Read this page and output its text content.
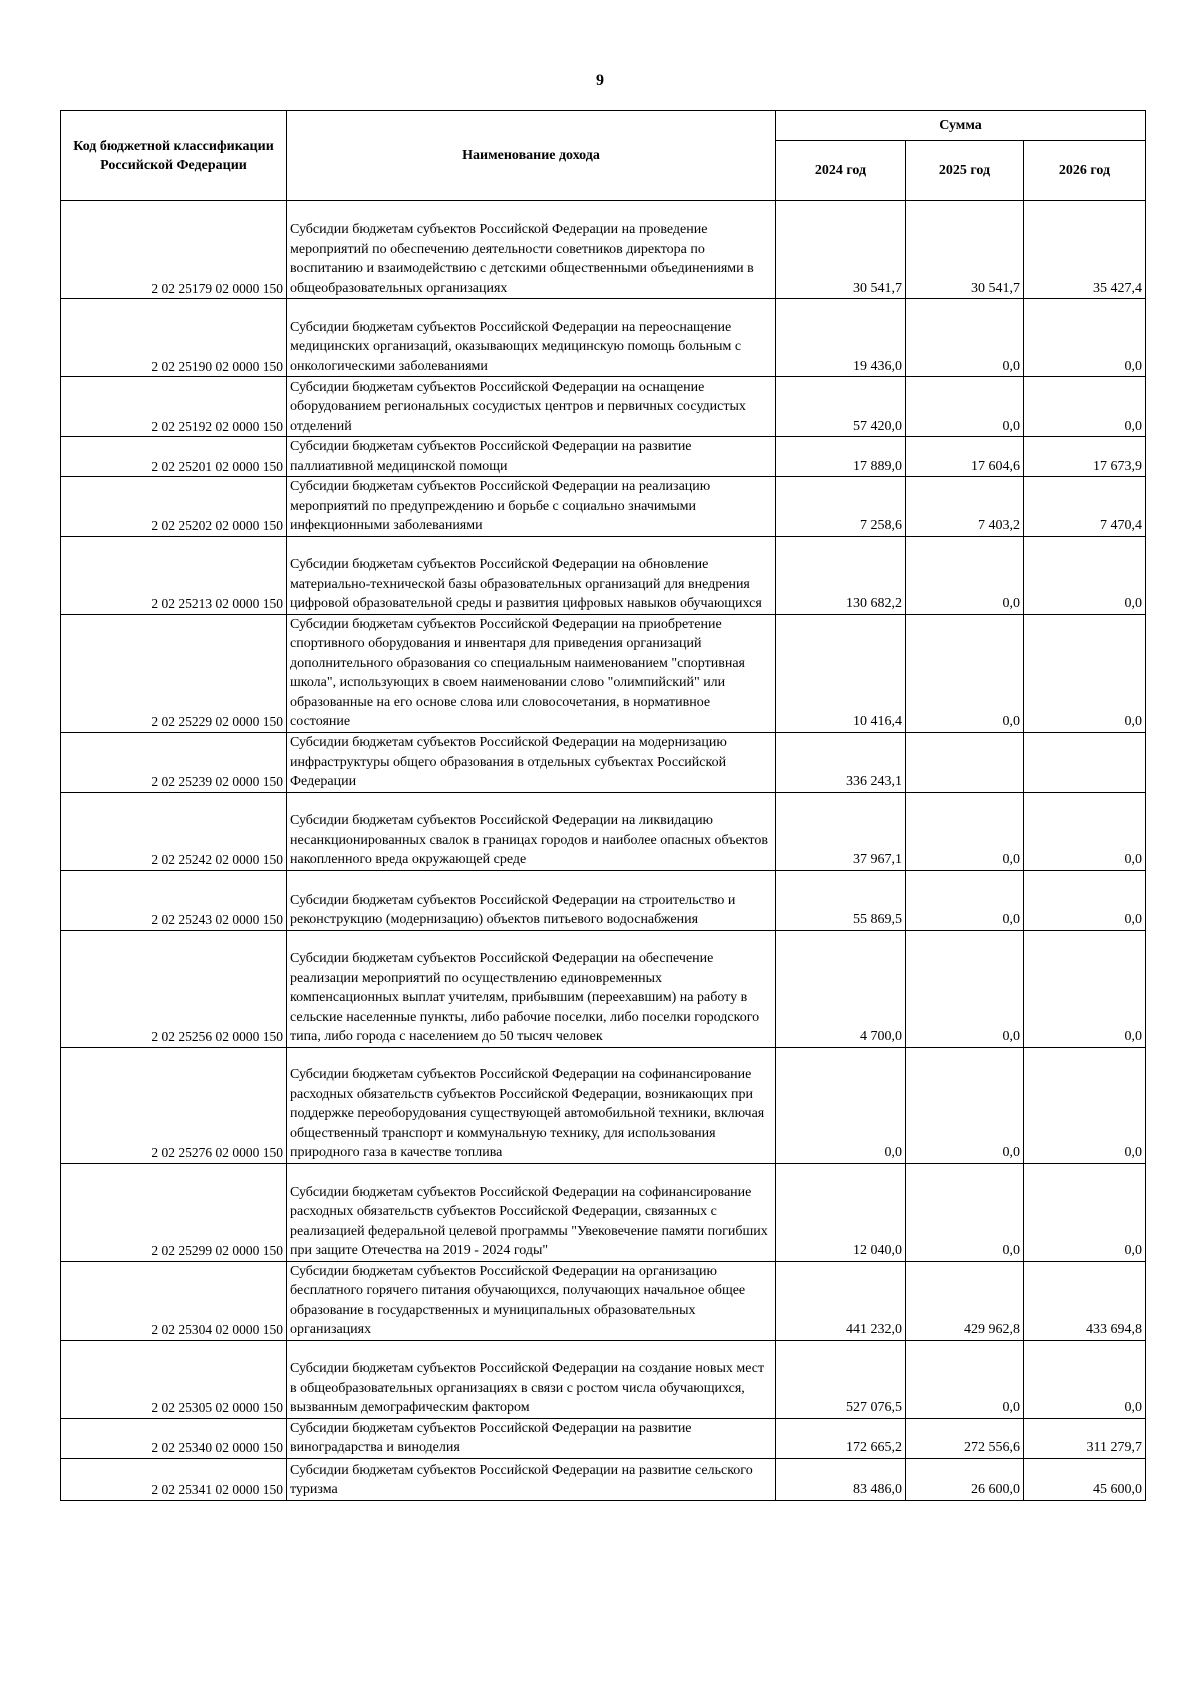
9
Код бюджетной классификации Российской Федерации	Наименование дохода	Сумма		
		2024 год	2025 год	2026 год
2 02 25179 02 0000 150	Субсидии бюджетам субъектов Российской Федерации на проведение мероприятий по обеспечению деятельности советников директора по воспитанию и взаимодействию с детскими общественными объединениями в общеобразовательных организациях	30 541,7	30 541,7	35 427,4
2 02 25190 02 0000 150	Субсидии бюджетам субъектов Российской Федерации на переоснащение медицинских организаций, оказывающих медицинскую помощь больным с онкологическими заболеваниями	19 436,0	0,0	0,0
2 02 25192 02 0000 150	Субсидии бюджетам субъектов Российской Федерации на оснащение оборудованием региональных сосудистых центров и первичных сосудистых отделений	57 420,0	0,0	0,0
2 02 25201 02 0000 150	Субсидии бюджетам субъектов Российской Федерации на развитие паллиативной медицинской помощи	17 889,0	17 604,6	17 673,9
2 02 25202 02 0000 150	Субсидии бюджетам субъектов Российской Федерации на реализацию мероприятий по предупреждению и борьбе с социально значимыми инфекционными заболеваниями	7 258,6	7 403,2	7 470,4
2 02 25213 02 0000 150	Субсидии бюджетам субъектов Российской Федерации на обновление материально-технической базы образовательных организаций для внедрения цифровой образовательной среды и развития цифровых навыков обучающихся	130 682,2	0,0	0,0
2 02 25229 02 0000 150	Субсидии бюджетам субъектов Российской Федерации на приобретение спортивного оборудования и инвентаря для приведения организаций дополнительного образования со специальным наименованием "спортивная школа", использующих в своем наименовании слово "олимпийский" или образованные на его основе слова или словосочетания, в нормативное состояние	10 416,4	0,0	0,0
2 02 25239 02 0000 150	Субсидии бюджетам субъектов Российской Федерации на модернизацию инфраструктуры общего образования в отдельных субъектах Российской Федерации	336 243,1		
2 02 25242 02 0000 150	Субсидии бюджетам субъектов Российской Федерации на ликвидацию несанкционированных свалок в границах городов и наиболее опасных объектов накопленного вреда окружающей среде	37 967,1	0,0	0,0
2 02 25243 02 0000 150	Субсидии бюджетам субъектов Российской Федерации на строительство и реконструкцию (модернизацию) объектов питьевого водоснабжения	55 869,5	0,0	0,0
2 02 25256 02 0000 150	Субсидии бюджетам субъектов Российской Федерации на обеспечение реализации мероприятий по осуществлению единовременных компенсационных выплат учителям, прибывшим (переехавшим) на работу в сельские населенные пункты, либо рабочие поселки, либо поселки городского типа, либо города с населением до 50 тысяч человек	4 700,0	0,0	0,0
2 02 25276 02 0000 150	Субсидии бюджетам субъектов Российской Федерации на софинансирование расходных обязательств субъектов Российской Федерации, возникающих при поддержке переоборудования существующей автомобильной техники, включая общественный транспорт и коммунальную технику, для использования природного газа в качестве топлива	0,0	0,0	0,0
2 02 25299 02 0000 150	Субсидии бюджетам субъектов Российской Федерации на софинансирование расходных обязательств субъектов Российской Федерации, связанных с реализацией федеральной целевой программы "Увековечение памяти погибших при защите Отечества на 2019 - 2024 годы"	12 040,0	0,0	0,0
2 02 25304 02 0000 150	Субсидии бюджетам субъектов Российской Федерации на организацию бесплатного горячего питания обучающихся, получающих начальное общее образование в государственных и муниципальных образовательных организациях	441 232,0	429 962,8	433 694,8
2 02 25305 02 0000 150	Субсидии бюджетам субъектов Российской Федерации на создание новых мест в общеобразовательных организациях в связи с ростом числа обучающихся, вызванным демографическим фактором	527 076,5	0,0	0,0
2 02 25340 02 0000 150	Субсидии бюджетам субъектов Российской Федерации на развитие виноградарства и виноделия	172 665,2	272 556,6	311 279,7
2 02 25341 02 0000 150	Субсидии бюджетам субъектов Российской Федерации на развитие сельского туризма	83 486,0	26 600,0	45 600,0
